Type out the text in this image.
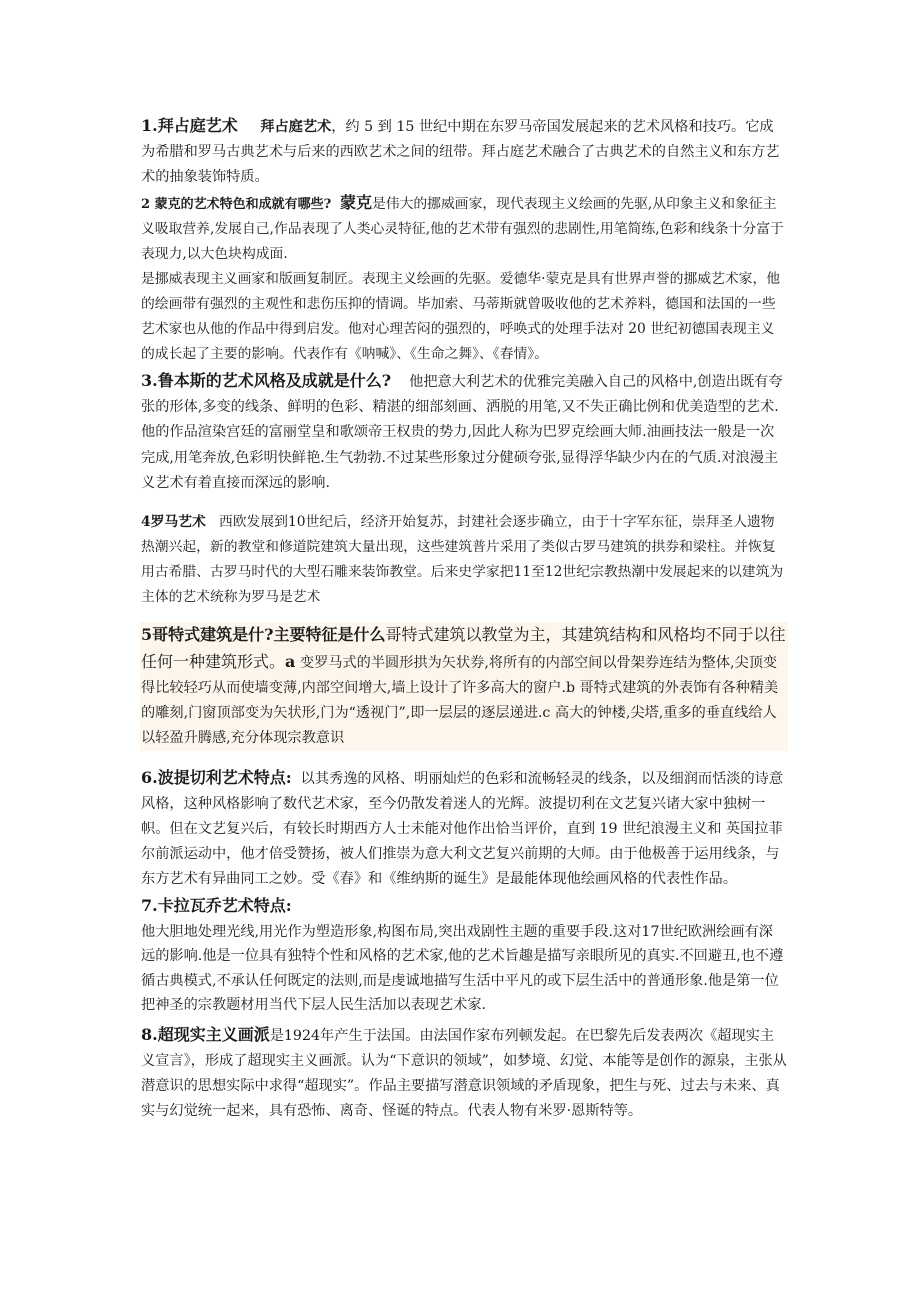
1.拜占庭艺术 拜占庭艺术，约 5 到 15 世纪中期在东罗马帝国发展起来的艺术风格和技巧。它成为希腊和罗马古典艺术与后来的西欧艺术之间的纽带。拜占庭艺术融合了古典艺术的自然主义和东方艺术的抽象装饰特质。

2 蒙克的艺术特色和成就有哪些? 蒙克是伟大的挪威画家，现代表现主义绘画的先驱,从印象主义和象征主义吸取营养,发展自己,作品表现了人类心灵特征,他的艺术带有强烈的悲剧性,用笔简练,色彩和线条十分富于表现力,以大色块构成面.

是挪威表现主义画家和版画复制匠。表现主义绘画的先驱。爱德华·蒙克是具有世界声誉的挪威艺术家，他的绘画带有强烈的主观性和悲伤压抑的情调。毕加索、马蒂斯就曾吸收他的艺术养料，德国和法国的一些艺术家也从他的作品中得到启发。他对心理苦闷的强烈的，呼唤式的处理手法对 20 世纪初德国表现主义的成长起了主要的影响。代表作有《呐喊》、《生命之舞》、《春情》。

3.鲁本斯的艺术风格及成就是什么? 他把意大利艺术的优雅完美融入自己的风格中,创造出既有夸张的形体,多变的线条、鲜明的色彩、精湛的细部刻画、洒脱的用笔,又不失正确比例和优美造型的艺术.他的作品渲染宫廷的富丽堂皇和歌颂帝王权贵的势力,因此人称为巴罗克绘画大师.油画技法一般是一次完成,用笔奔放,色彩明快鲜艳.生气勃勃.不过某些形象过分健硕夸张,显得浮华缺少内在的气质.对浪漫主义艺术有着直接而深远的影响.

4罗马艺术 西欧发展到10世纪后，经济开始复苏，封建社会逐步确立，由于十字军东征，崇拜圣人遗物热潮兴起，新的教堂和修道院建筑大量出现，这些建筑普片采用了类似古罗马建筑的拱券和梁柱。并恢复用古希腊、古罗马时代的大型石雕来装饰教堂。后来史学家把11至12世纪宗教热潮中发展起来的以建筑为主体的艺术统称为罗马是艺术

5哥特式建筑是什?主要特征是什么哥特式建筑以教堂为主，其建筑结构和风格均不同于以往任何一种建筑形式。a 变罗马式的半圆形拱为矢状券,将所有的内部空间以骨架券连结为整体,尖顶变得比较轻巧从而使墙变薄,内部空间增大,墙上设计了许多高大的窗户.b 哥特式建筑的外表饰有各种精美的雕刻,门窗顶部变为矢状形,门为“透视门”,即一层层的逐层递进.c 高大的钟楼,尖塔,重多的垂直线给人以轻盈升腾感,充分体现宗教意识

6.波提切利艺术特点: 以其秀逸的风格、明丽灿烂的色彩和流畅轻灵的线条，以及细润而恬淡的诗意风格，这种风格影响了数代艺术家，至今仍散发着迷人的光辉。波提切利在文艺复兴诸大家中独树一帜。但在文艺复兴后，有较长时期西方人士未能对他作出恰当评价，直到 19 世纪浪漫主义和 英国拉菲尔前派运动中，他才倍受赞扬，被人们推崇为意大利文艺复兴前期的大师。由于他极善于运用线条，与东方艺术有异曲同工之妙。受《春》和《维纳斯的诞生》是最能体现他绘画风格的代表性作品。

7.卡拉瓦乔艺术特点:

他大胆地处理光线,用光作为塑造形象,构图布局,突出戏剧性主题的重要手段.这对17世纪欧洲绘画有深远的影响.他是一位具有独特个性和风格的艺术家,他的艺术旨趣是描写亲眼所见的真实.不回避丑,也不遵循古典模式,不承认任何既定的法则,而是虔诚地描写生活中平凡的或下层生活中的普通形象.他是第一位把神圣的宗教题材用当代下层人民生活加以表现艺术家.

8.超现实主义画派是1924年产生于法国。由法国作家布列顿发起。在巴黎先后发表两次《超现实主义宣言》，形成了超现实主义画派。认为“下意识的领域”，如梦境、幻觉、本能等是创作的源泉，主张从潜意识的思想实际中求得“超现实”。作品主要描写潜意识领域的矛盾现象，把生与死、过去与未来、真实与幻觉统一起来，具有恐怖、离奇、怪诞的特点。代表人物有米罗·恩斯特等。
